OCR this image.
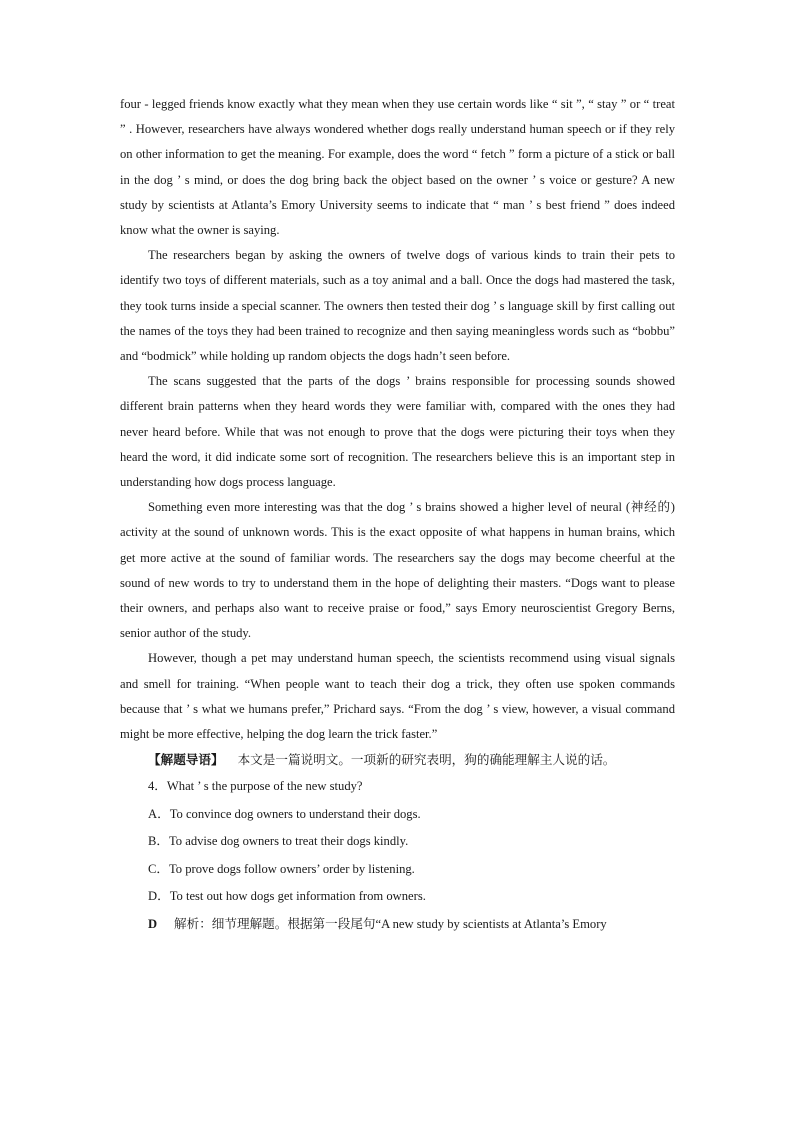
four - legged friends know exactly what they mean when they use certain words like “ sit ”, “ stay ” or “ treat ” . However, researchers have always wondered whether dogs really understand human speech or if they rely on other information to get the meaning. For example, does the word “ fetch ” form a picture of a stick or ball in the dog ’ s mind, or does the dog bring back the object based on the owner ’ s voice or gesture? A new study by scientists at Atlanta’s Emory University seems to indicate that “ man ’ s best friend ” does indeed know what the owner is saying.

The researchers began by asking the owners of twelve dogs of various kinds to train their pets to identify two toys of different materials, such as a toy animal and a ball. Once the dogs had mastered the task, they took turns inside a special scanner. The owners then tested their dog ’ s language skill by first calling out the names of the toys they had been trained to recognize and then saying meaningless words such as “bobbu” and “bodmick” while holding up random objects the dogs hadn’t seen before.

The scans suggested that the parts of the dogs ’ brains responsible for processing sounds showed different brain patterns when they heard words they were familiar with, compared with the ones they had never heard before. While that was not enough to prove that the dogs were picturing their toys when they heard the word, it did indicate some sort of recognition. The researchers believe this is an important step in understanding how dogs process language.

Something even more interesting was that the dog ’ s brains showed a higher level of neural (神经的) activity at the sound of unknown words. This is the exact opposite of what happens in human brains, which get more active at the sound of familiar words. The researchers say the dogs may become cheerful at the sound of new words to try to understand them in the hope of delighting their masters. “Dogs want to please their owners, and perhaps also want to receive praise or food,” says Emory neuroscientist Gregory Berns, senior author of the study.

However, though a pet may understand human speech, the scientists recommend using visual signals and smell for training. “When people want to teach their dog a trick, they often use spoken commands because that ’ s what we humans prefer,” Prichard says. “From the dog ’ s view, however, a visual command might be more effective, helping the dog learn the trick faster.”

【解题导语】 本文是一篇说明文。一项新的研究表明，狗的确能理解主人说的话。

4．What ’ s the purpose of the new study?

A．To convince dog owners to understand their dogs.

B．To advise dog owners to treat their dogs kindly.

C．To prove dogs follow owners’ order by listening.

D．To test out how dogs get information from owners.

D 解析：细节理解题。根据第一段尾句“A new study by scientists at Atlanta’s Emory
